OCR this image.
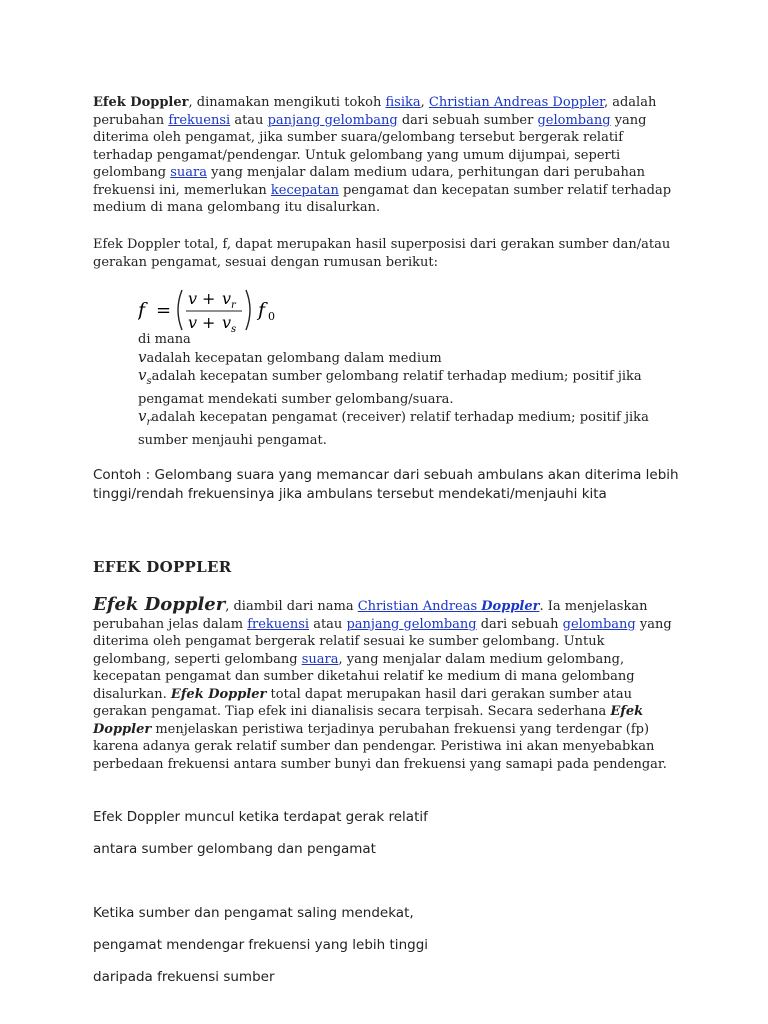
Efek Doppler, dinamakan mengikuti tokoh fisika, Christian Andreas Doppler, adalah perubahan frekuensi atau panjang gelombang dari sebuah sumber gelombang yang diterima oleh pengamat, jika sumber suara/gelombang tersebut bergerak relatif terhadap pengamat/pendengar. Untuk gelombang yang umum dijumpai, seperti gelombang suara yang menjalar dalam medium udara, perhitungan dari perubahan frekuensi ini, memerlukan kecepatan pengamat dan kecepatan sumber relatif terhadap medium di mana gelombang itu disalurkan.

Efek Doppler total, f, dapat merupakan hasil superposisi dari gerakan sumber dan/atau gerakan pengamat, sesuai dengan rumusan berikut:

f =
v + v r
v + v s
f 0
di mana
vadalah kecepatan gelombang dalam medium
$v_sadalah$ kecepatan sumber gelombang relatif terhadap medium; positif jika pengamat mendekati sumber gelombang/suara.
$v_radalah$ kecepatan pengamat (receiver) relatif terhadap medium; positif jika sumber menjauhi pengamat.

Contoh : Gelombang suara yang memancar dari sebuah ambulans akan diterima lebih tinggi/rendah frekuensinya jika ambulans tersebut mendekati/menjauhi kita

EFEK DOPPLER

Efek Doppler, diambil dari nama Christian Andreas Doppler. Ia menjelaskan perubahan jelas dalam frekuensi atau panjang gelombang dari sebuah gelombang yang diterima oleh pengamat bergerak relatif sesuai ke sumber gelombang. Untuk gelombang, seperti gelombang suara, yang menjalar dalam medium gelombang, kecepatan pengamat dan sumber diketahui relatif ke medium di mana gelombang disalurkan. Efek Doppler total dapat merupakan hasil dari gerakan sumber atau gerakan pengamat. Tiap efek ini dianalisis secara terpisah. Secara sederhana Efek Doppler menjelaskan peristiwa terjadinya perubahan frekuensi yang terdengar (fp) karena adanya gerak relatif sumber dan pendengar. Peristiwa ini akan menyebabkan perbedaan frekuensi antara sumber bunyi dan frekuensi yang samapi pada pendengar.

Efek Doppler muncul ketika terdapat gerak relatif
antara sumber gelombang dan pengamat
Ketika sumber dan pengamat saling mendekat,
pengamat mendengar frekuensi yang lebih tinggi
daripada frekuensi sumber
